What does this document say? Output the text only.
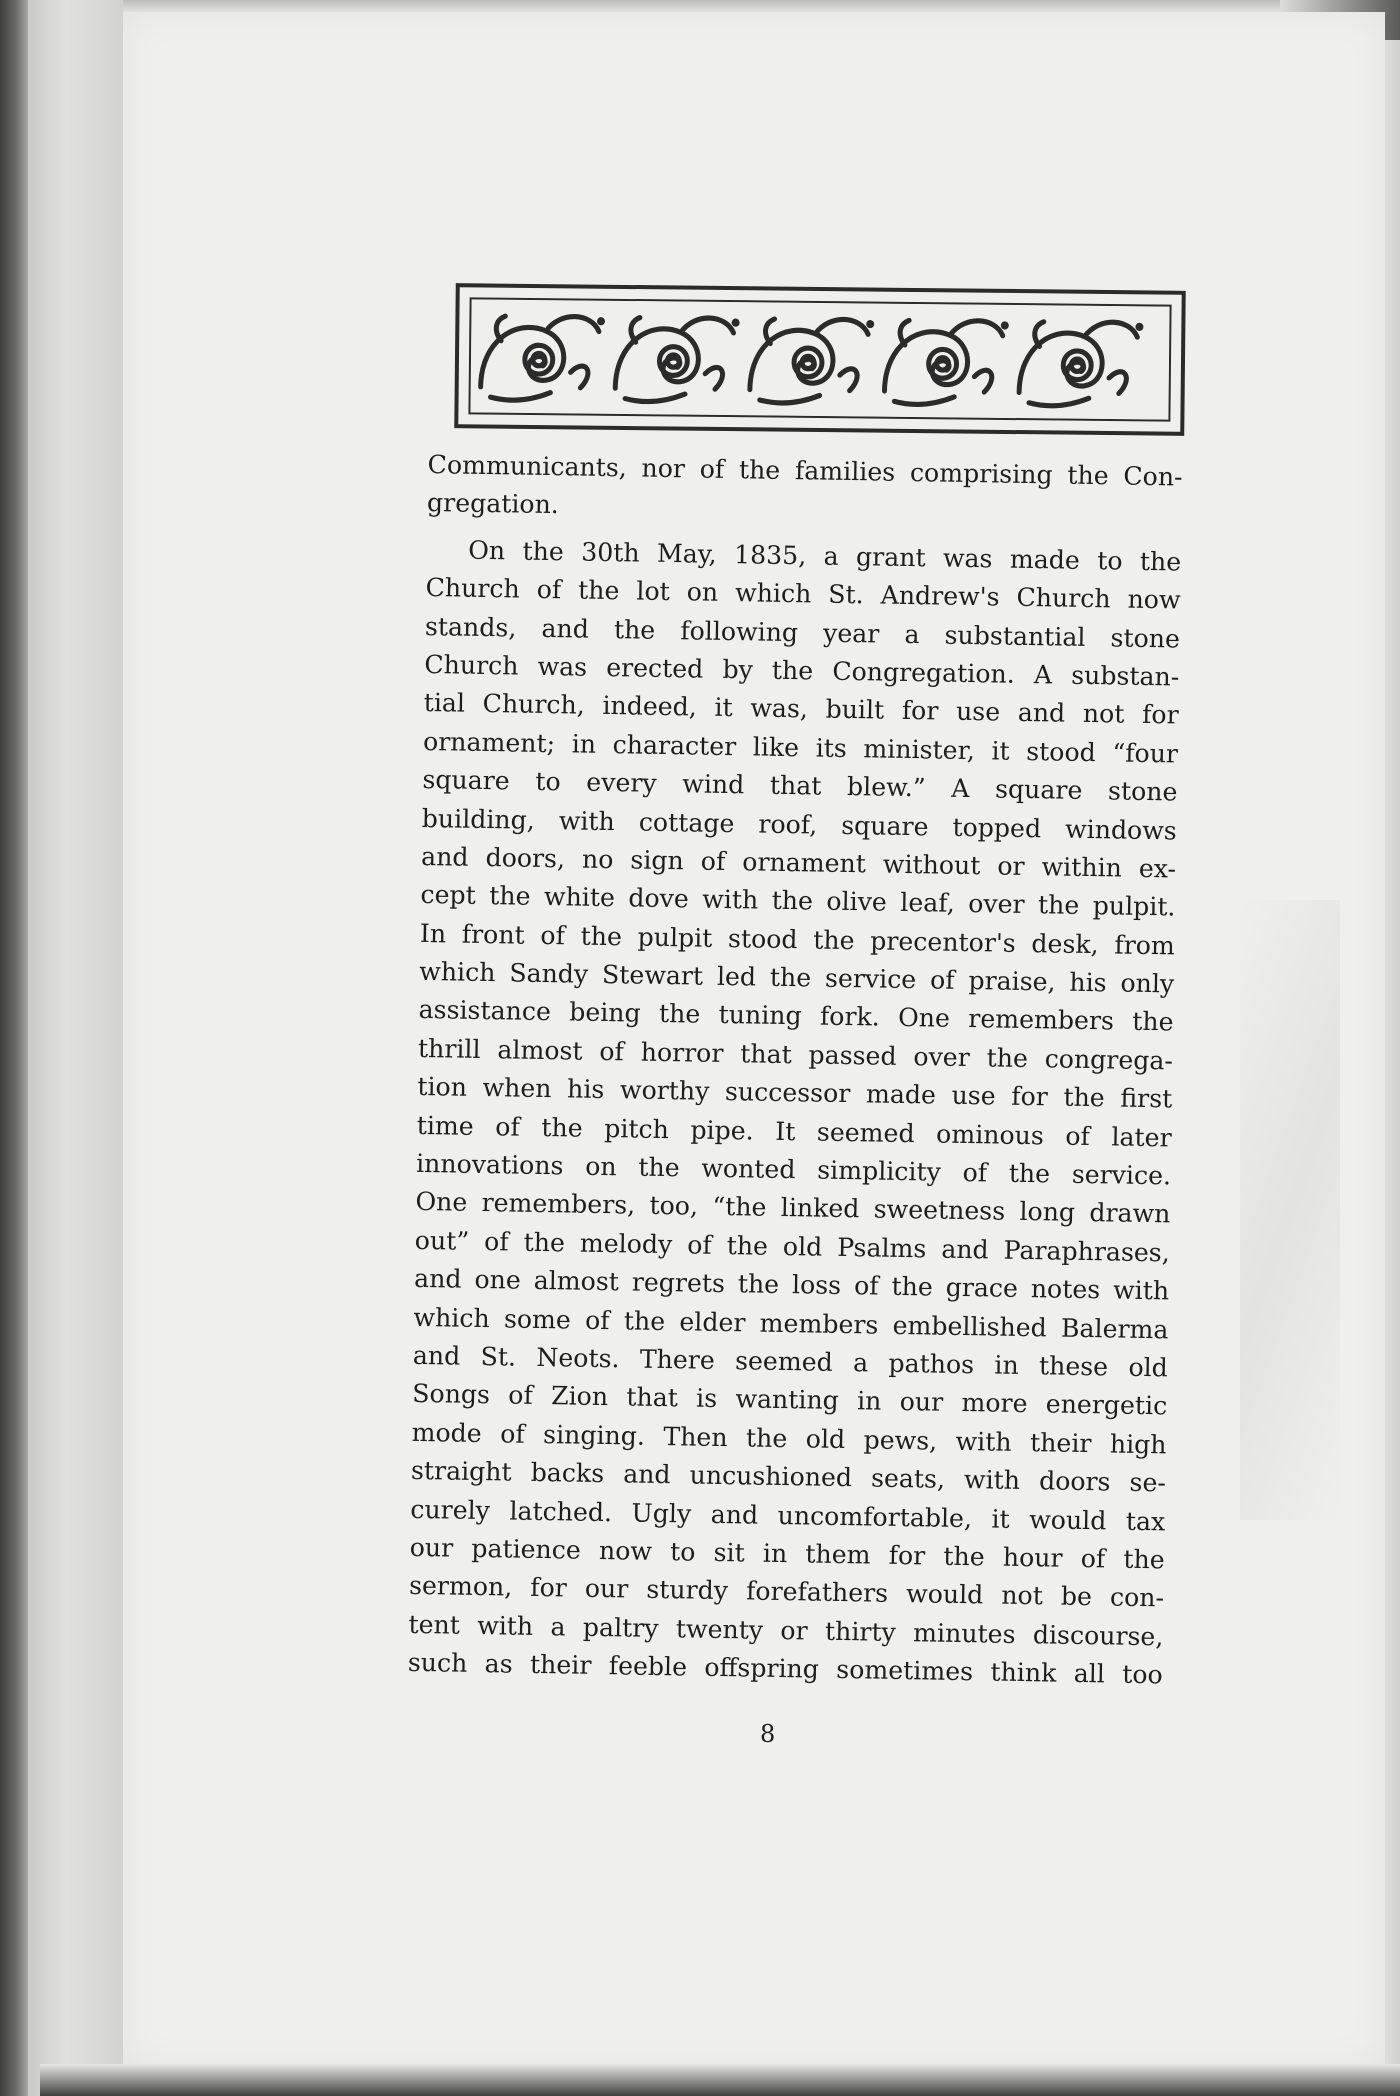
Communicants, nor of the families comprising the Con-
gregation.
On the 30th May, 1835, a grant was made to the
Church of the lot on which St. Andrew's Church now
stands, and the following year a substantial stone
Church was erected by the Congregation. A substan-
tial Church, indeed, it was, built for use and not for
ornament; in character like its minister, it stood “four
square to every wind that blew.” A square stone
building, with cottage roof, square topped windows
and doors, no sign of ornament without or within ex-
cept the white dove with the olive leaf, over the pulpit.
In front of the pulpit stood the precentor's desk, from
which Sandy Stewart led the service of praise, his only
assistance being the tuning fork. One remembers the
thrill almost of horror that passed over the congrega-
tion when his worthy successor made use for the first
time of the pitch pipe. It seemed ominous of later
innovations on the wonted simplicity of the service.
One remembers, too, “the linked sweetness long drawn
out” of the melody of the old Psalms and Paraphrases,
and one almost regrets the loss of the grace notes with
which some of the elder members embellished Balerma
and St. Neots. There seemed a pathos in these old
Songs of Zion that is wanting in our more energetic
mode of singing. Then the old pews, with their high
straight backs and uncushioned seats, with doors se-
curely latched. Ugly and uncomfortable, it would tax
our patience now to sit in them for the hour of the
sermon, for our sturdy forefathers would not be con-
tent with a paltry twenty or thirty minutes discourse,
such as their feeble offspring sometimes think all too
8
